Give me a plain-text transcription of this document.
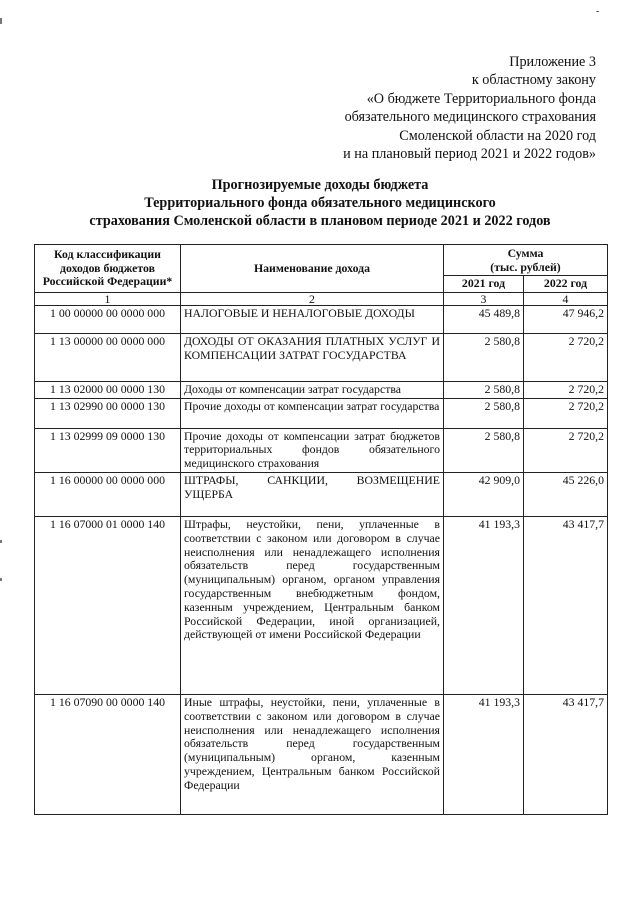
-
Приложение 3
к областному закону
«О бюджете Территориального фонда
обязательного медицинского страхования
Смоленской области на 2020 год
и на плановый период 2021 и 2022 годов»
Прогнозируемые доходы бюджета
Территориального фонда обязательного медицинского
страхования Смоленской области в плановом периоде 2021 и 2022 годов
Код классификации доходов бюджетов Российской Федерации*	Наименование дохода	Сумма
(тыс. рублей)	

		2021 год	2022 год
1	2	3	4
1 00 00000 00 0000 000	НАЛОГОВЫЕ И НЕНАЛОГОВЫЕ ДОХОДЫ	45 489,8	47 946,2
1 13 00000 00 0000 000	ДОХОДЫ ОТ ОКАЗАНИЯ ПЛАТНЫХ УСЛУГ И КОМПЕНСАЦИИ ЗАТРАТ ГОСУДАРСТВА	2 580,8	2 720,2
1 13 02000 00 0000 130	Доходы от компенсации затрат государства	2 580,8	2 720,2
1 13 02990 00 0000 130	Прочие доходы от компенсации затрат государства	2 580,8	2 720,2
1 13 02999 09 0000 130	Прочие доходы от компенсации затрат бюджетов территориальных фондов обязательного медицинского страхования	2 580,8	2 720,2
1 16 00000 00 0000 000	ШТРАФЫ, САНКЦИИ, ВОЗМЕЩЕНИЕ УЩЕРБА	42 909,0	45 226,0
1 16 07000 01 0000 140	Штрафы, неустойки, пени, уплаченные в соответствии с законом или договором в случае неисполнения или ненадлежащего исполнения обязательств перед государственным (муниципальным) органом, органом управления государственным внебюджетным фондом, казенным учреждением, Центральным банком Российской Федерации, иной организацией, действующей от имени Российской Федерации	41 193,3	43 417,7
1 16 07090 00 0000 140	Иные штрафы, неустойки, пени, уплаченные в соответствии с законом или договором в случае неисполнения или ненадлежащего исполнения обязательств перед государственным (муниципальным) органом, казенным учреждением, Центральным банком Российской Федерации	41 193,3	43 417,7
